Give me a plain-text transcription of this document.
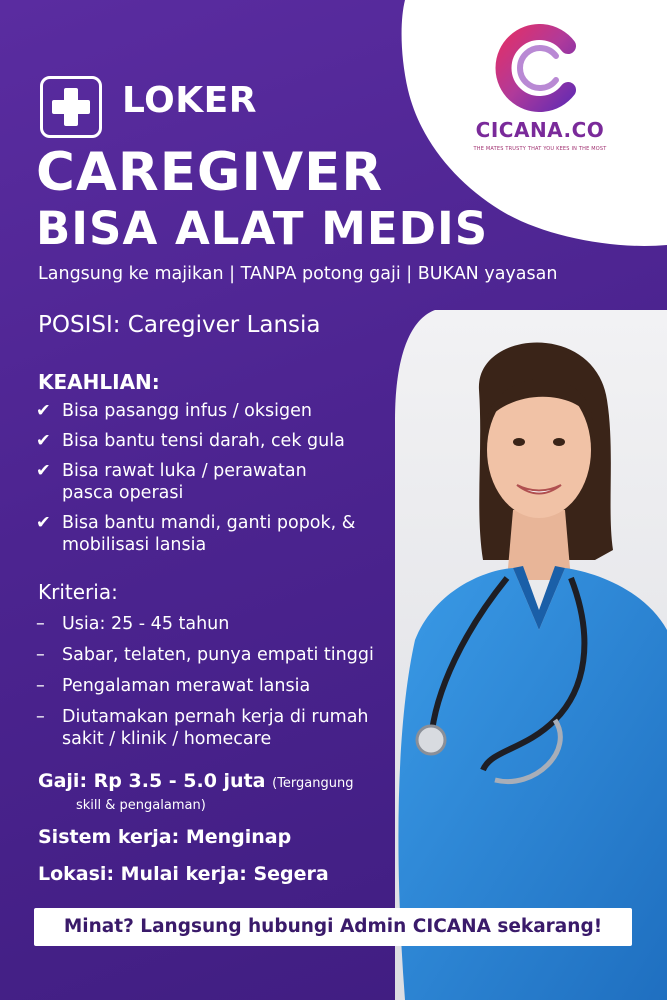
CICANA.CO
THE MATES TRUSTY THAT YOU KEES IN THE MOST
LOKER
CAREGIVER
BISA ALAT MEDIS
Langsung ke majikan | TANPA potong gaji | BUKAN yayasan
POSISI: Caregiver Lansia
KEAHLIAN:
✔ Bisa pasangg infus / oksigen
✔ Bisa bantu tensi darah, cek gula
✔ Bisa rawat luka / perawatan pasca operasi
✔ Bisa bantu mandi, ganti popok, & mobilisasi lansia
Kriteria:
– Usia: 25 - 45 tahun
– Sabar, telaten, punya empati tinggi
– Pengalaman merawat lansia
– Diutamakan pernah kerja di rumah sakit / klinik / homecare
Gaji: Rp 3.5 - 5.0 juta (Tergangung
skill & pengalaman)
Sistem kerja: Menginap
Lokasi: Mulai kerja: Segera
Minat? Langsung hubungi Admin CICANA sekarang!
